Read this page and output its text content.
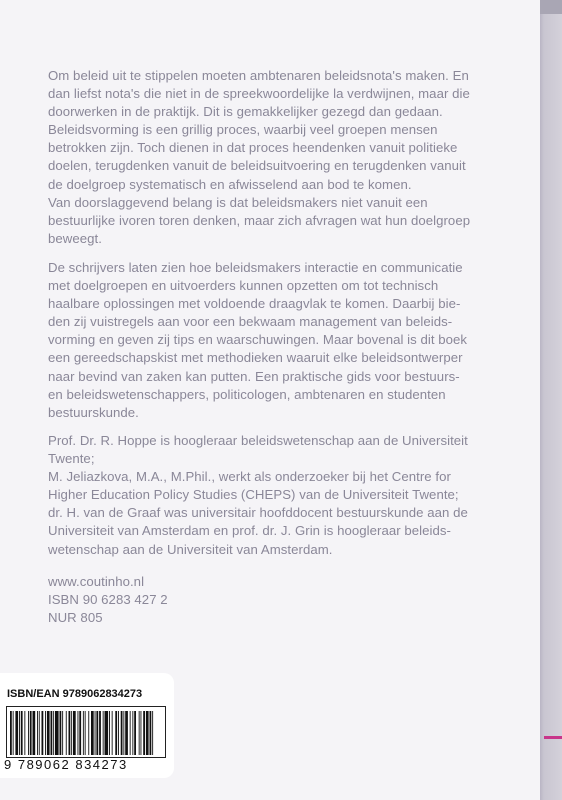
Om beleid uit te stippelen moeten ambtenaren beleidsnota's maken. En
dan liefst nota's die niet in de spreekwoordelijke la verdwijnen, maar die
doorwerken in de praktijk. Dit is gemakkelijker gezegd dan gedaan.
Beleidsvorming is een grillig proces, waarbij veel groepen mensen
betrokken zijn. Toch dienen in dat proces heendenken vanuit politieke
doelen, terugdenken vanuit de beleidsuitvoering en terugdenken vanuit
de doelgroep systematisch en afwisselend aan bod te komen.
Van doorslaggevend belang is dat beleidsmakers niet vanuit een
bestuurlijke ivoren toren denken, maar zich afvragen wat hun doelgroep
beweegt.
De schrijvers laten zien hoe beleidsmakers interactie en communicatie
met doelgroepen en uitvoerders kunnen opzetten om tot technisch
haalbare oplossingen met voldoende draagvlak te komen. Daarbij bie-
den zij vuistregels aan voor een bekwaam management van beleids-
vorming en geven zij tips en waarschuwingen. Maar bovenal is dit boek
een gereedschapskist met methodieken waaruit elke beleidsontwerper
naar bevind van zaken kan putten. Een praktische gids voor bestuurs-
en beleidswetenschappers, politicologen, ambtenaren en studenten
bestuurskunde.
Prof. Dr. R. Hoppe is hoogleraar beleidswetenschap aan de Universiteit
Twente;
M. Jeliazkova, M.A., M.Phil., werkt als onderzoeker bij het Centre for
Higher Education Policy Studies (CHEPS) van de Universiteit Twente;
dr. H. van de Graaf was universitair hoofddocent bestuurskunde aan de
Universiteit van Amsterdam en prof. dr. J. Grin is hoogleraar beleids-
wetenschap aan de Universiteit van Amsterdam.
www.coutinho.nl
ISBN 90 6283 427 2
NUR 805
ISBN/EAN 9789062834273
9 789062 834273
